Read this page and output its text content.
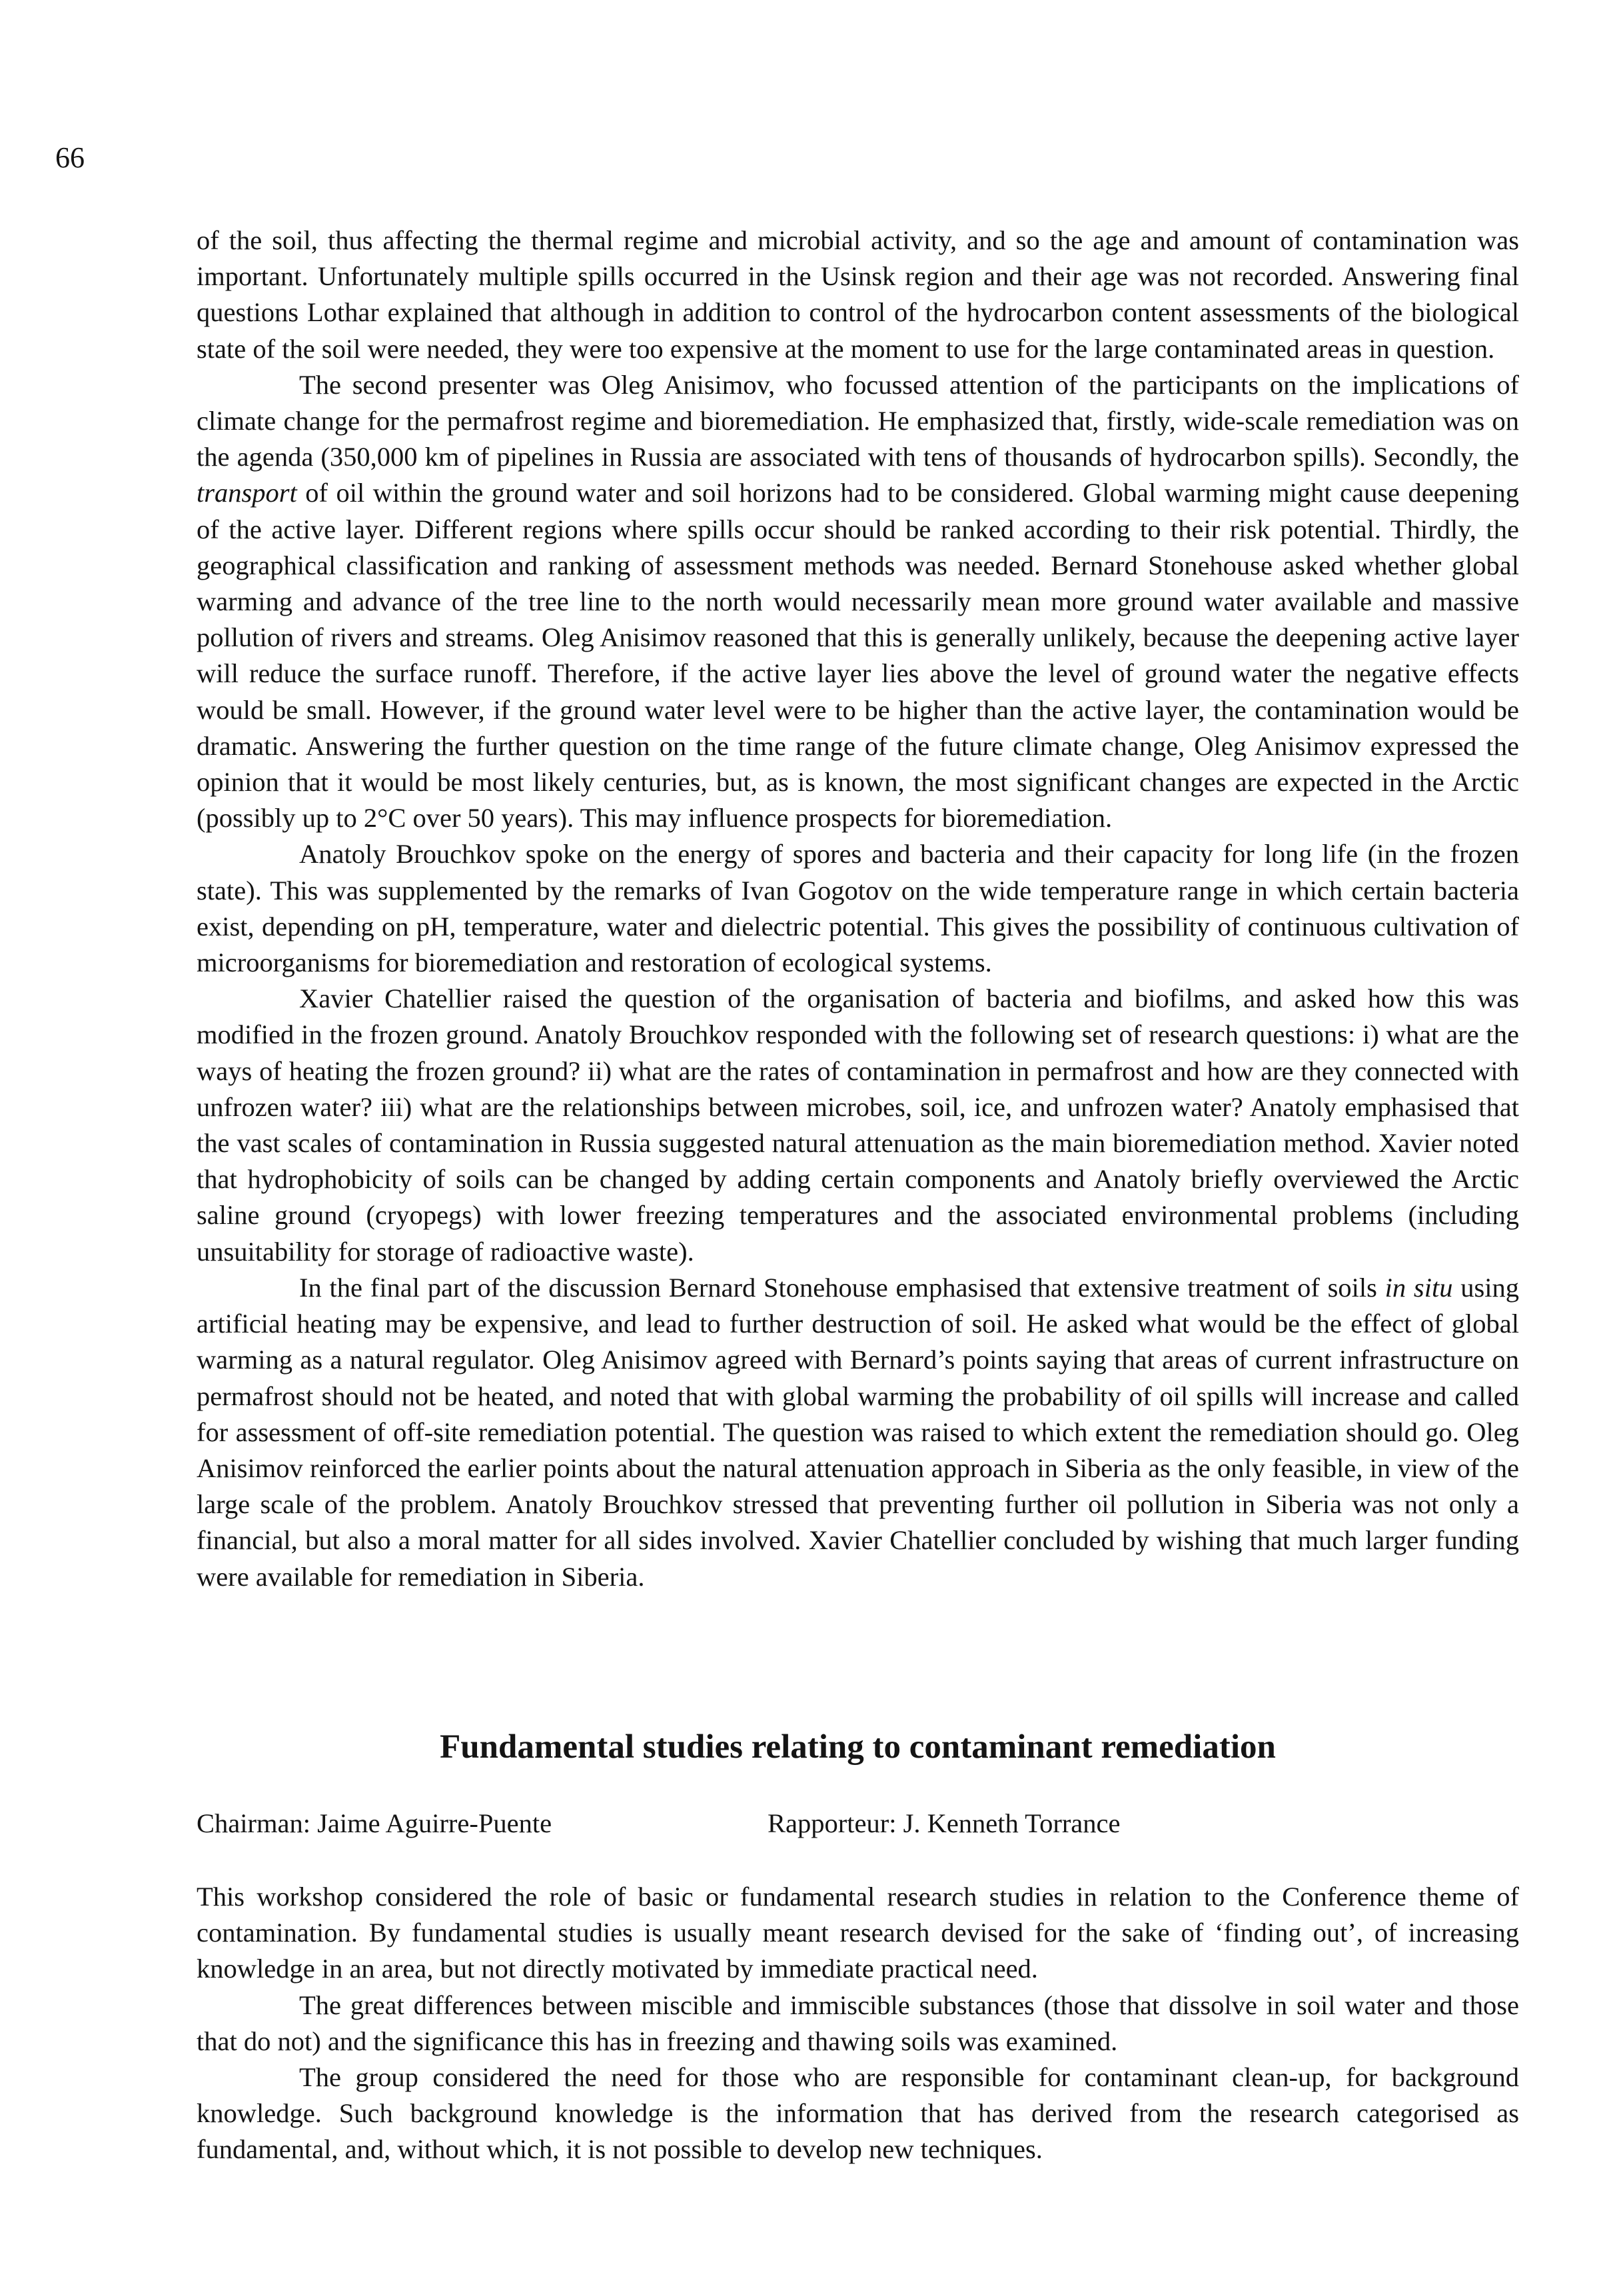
66

of the soil, thus affecting the thermal regime and microbial activity, and so the age and amount of contamination was important. Unfortunately multiple spills occurred in the Usinsk region and their age was not recorded. Answering final questions Lothar explained that although in addition to control of the hydrocarbon content assessments of the biological state of the soil were needed, they were too expensive at the moment to use for the large contaminated areas in question.

The second presenter was Oleg Anisimov, who focussed attention of the participants on the implications of climate change for the permafrost regime and bioremediation. He emphasized that, firstly, wide-scale remediation was on the agenda (350,000 km of pipelines in Russia are associated with tens of thousands of hydrocarbon spills). Secondly, the transport of oil within the ground water and soil horizons had to be considered. Global warming might cause deepening of the active layer. Different regions where spills occur should be ranked according to their risk potential. Thirdly, the geographical classification and ranking of assessment methods was needed. Bernard Stonehouse asked whether global warming and advance of the tree line to the north would necessarily mean more ground water available and massive pollution of rivers and streams. Oleg Anisimov reasoned that this is generally unlikely, because the deepening active layer will reduce the surface runoff. Therefore, if the active layer lies above the level of ground water the negative effects would be small. However, if the ground water level were to be higher than the active layer, the contamination would be dramatic. Answering the further question on the time range of the future climate change, Oleg Anisimov expressed the opinion that it would be most likely centuries, but, as is known, the most significant changes are expected in the Arctic (possibly up to 2°C over 50 years). This may influence prospects for bioremediation.

Anatoly Brouchkov spoke on the energy of spores and bacteria and their capacity for long life (in the frozen state). This was supplemented by the remarks of Ivan Gogotov on the wide temperature range in which certain bacteria exist, depending on pH, temperature, water and dielectric potential. This gives the possibility of continuous cultivation of microorganisms for bioremediation and restoration of ecological systems.

Xavier Chatellier raised the question of the organisation of bacteria and biofilms, and asked how this was modified in the frozen ground. Anatoly Brouchkov responded with the following set of research questions: i) what are the ways of heating the frozen ground? ii) what are the rates of contamination in permafrost and how are they connected with unfrozen water? iii) what are the relationships between microbes, soil, ice, and unfrozen water? Anatoly emphasised that the vast scales of contamination in Russia suggested natural attenuation as the main bioremediation method. Xavier noted that hydrophobicity of soils can be changed by adding certain components and Anatoly briefly overviewed the Arctic saline ground (cryopegs) with lower freezing temperatures and the associated environmental problems (including unsuitability for storage of radioactive waste).

In the final part of the discussion Bernard Stonehouse emphasised that extensive treatment of soils in situ using artificial heating may be expensive, and lead to further destruction of soil. He asked what would be the effect of global warming as a natural regulator. Oleg Anisimov agreed with Bernard’s points saying that areas of current infrastructure on permafrost should not be heated, and noted that with global warming the probability of oil spills will increase and called for assessment of off-site remediation potential. The question was raised to which extent the remediation should go. Oleg Anisimov reinforced the earlier points about the natural attenuation approach in Siberia as the only feasible, in view of the large scale of the problem. Anatoly Brouchkov stressed that preventing further oil pollution in Siberia was not only a financial, but also a moral matter for all sides involved. Xavier Chatellier concluded by wishing that much larger funding were available for remediation in Siberia.

Fundamental studies relating to contaminant remediation
Chairman: Jaime Aguirre-Puente	Rapporteur: J. Kenneth Torrance

This workshop considered the role of basic or fundamental research studies in relation to the Conference theme of contamination. By fundamental studies is usually meant research devised for the sake of ‘finding out’, of increasing knowledge in an area, but not directly motivated by immediate practical need.

The great differences between miscible and immiscible substances (those that dissolve in soil water and those that do not) and the significance this has in freezing and thawing soils was examined.

The group considered the need for those who are responsible for contaminant clean-up, for background knowledge. Such background knowledge is the information that has derived from the research categorised as fundamental, and, without which, it is not possible to develop new techniques.
